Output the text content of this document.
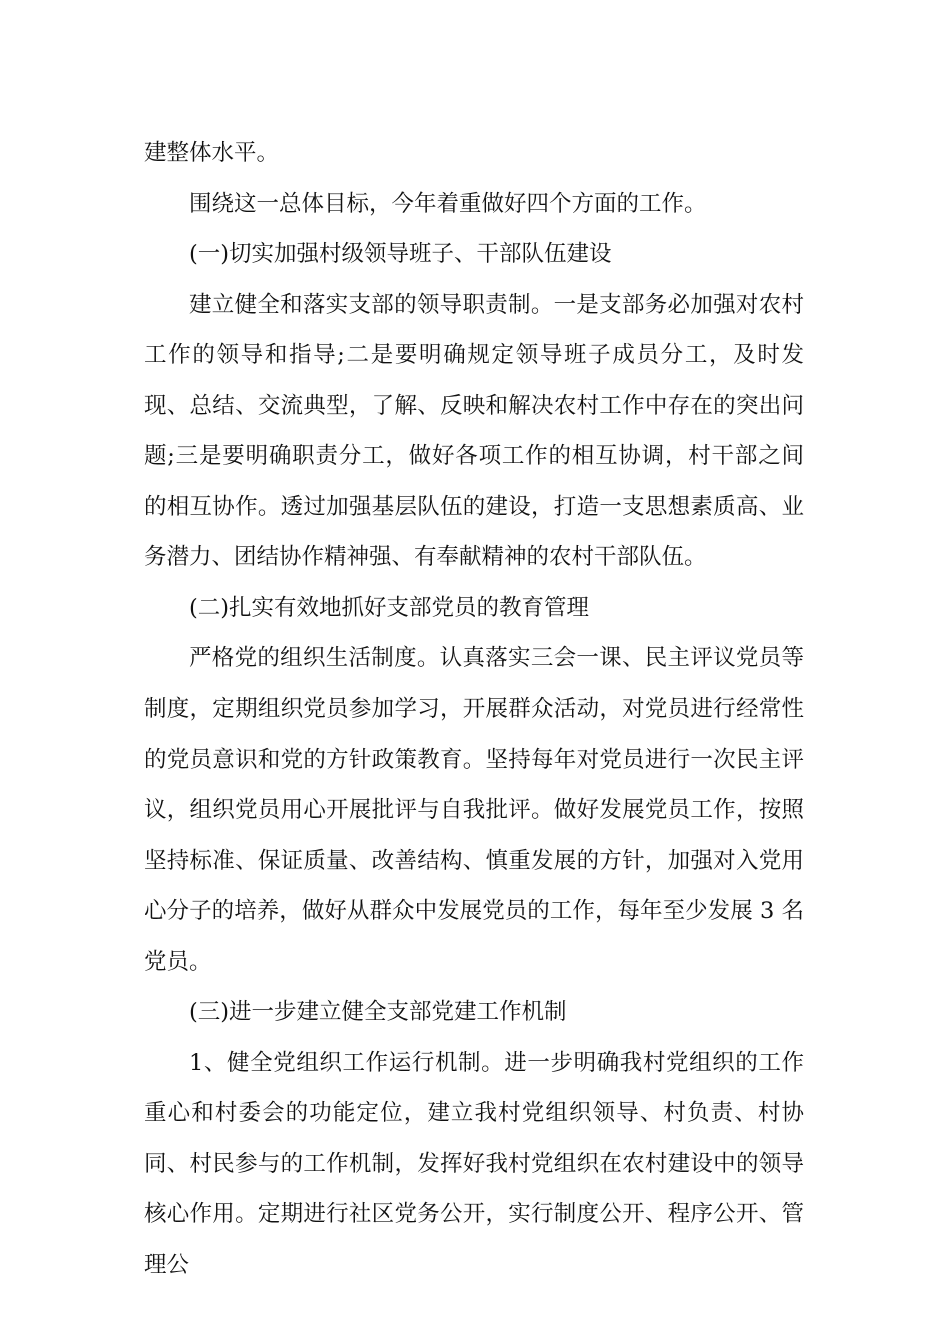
建整体水平。

围绕这一总体目标，今年着重做好四个方面的工作。

(一)切实加强村级领导班子、干部队伍建设

建立健全和落实支部的领导职责制。一是支部务必加强对农村工作的领导和指导;二是要明确规定领导班子成员分工，及时发现、总结、交流典型，了解、反映和解决农村工作中存在的突出问题;三是要明确职责分工，做好各项工作的相互协调，村干部之间的相互协作。透过加强基层队伍的建设，打造一支思想素质高、业务潜力、团结协作精神强、有奉献精神的农村干部队伍。

(二)扎实有效地抓好支部党员的教育管理

严格党的组织生活制度。认真落实三会一课、民主评议党员等制度，定期组织党员参加学习，开展群众活动，对党员进行经常性的党员意识和党的方针政策教育。坚持每年对党员进行一次民主评议，组织党员用心开展批评与自我批评。做好发展党员工作，按照坚持标准、保证质量、改善结构、慎重发展的方针，加强对入党用心分子的培养，做好从群众中发展党员的工作，每年至少发展 3 名党员。

(三)进一步建立健全支部党建工作机制

1、健全党组织工作运行机制。进一步明确我村党组织的工作重心和村委会的功能定位，建立我村党组织领导、村负责、村协同、村民参与的工作机制，发挥好我村党组织在农村建设中的领导核心作用。定期进行社区党务公开，实行制度公开、程序公开、管理公
